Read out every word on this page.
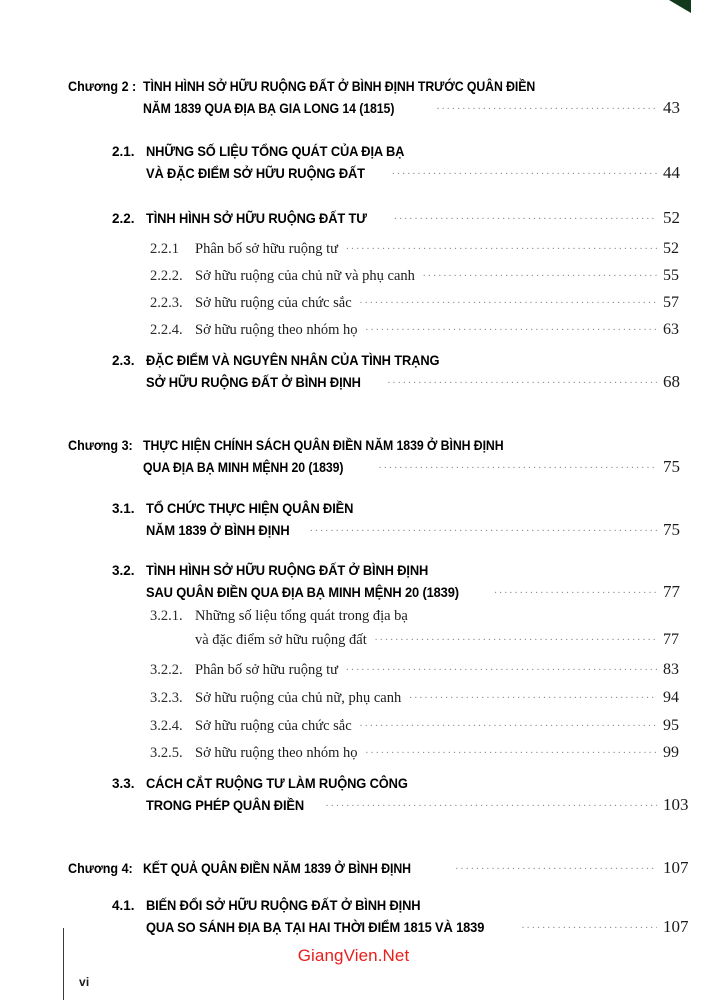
Chương 2 : TÌNH HÌNH SỞ HỮU RUỘNG ĐẤT Ở BÌNH ĐỊNH TRƯỚC QUÂN ĐIỀN
NĂM 1839 QUA ĐỊA BẠ GIA LONG 14 (1815) .....	43
2.1. NHỮNG SỐ LIỆU TỔNG QUÁT CỦA ĐỊA BẠ
VÀ ĐẶC ĐIỂM SỞ HỮU RUỘNG ĐẤT .....	44
2.2. TÌNH HÌNH SỞ HỮU RUỘNG ĐẤT TƯ .....	52
2.2.1	Phân bố sở hữu ruộng tư .....	52
2.2.2. Sở hữu ruộng của chủ nữ và phụ canh .....	55
2.2.3. Sở hữu ruộng của chức sắc .....	57
2.2.4. Sở hữu ruộng theo nhóm họ .....	63
2.3. ĐẶC ĐIỂM VÀ NGUYÊN NHÂN CỦA TÌNH TRẠNG
SỞ HỮU RUỘNG ĐẤT Ở BÌNH ĐỊNH .....	68
Chương 3: THỰC HIỆN CHÍNH SÁCH QUÂN ĐIỀN NĂM 1839 Ở BÌNH ĐỊNH
QUA ĐỊA BẠ MINH MỆNH 20 (1839) .....	75
3.1. TỔ CHỨC THỰC HIỆN QUÂN ĐIỀN
NĂM 1839 Ở BÌNH ĐỊNH .....	75
3.2. TÌNH HÌNH SỞ HỮU RUỘNG ĐẤT Ở BÌNH ĐỊNH
SAU QUÂN ĐIỀN QUA ĐỊA BẠ MINH MỆNH 20 (1839) .....	77
3.2.1. Những số liệu tổng quát trong địa bạ
và đặc điểm sở hữu ruộng đất .....	77
3.2.2. Phân bố sở hữu ruộng tư .....	83
3.2.3. Sở hữu ruộng của chủ nữ, phụ canh .....	94
3.2.4. Sở hữu ruộng của chức sắc .....	95
3.2.5. Sở hữu ruộng theo nhóm họ .....	99
3.3. CÁCH CẮT RUỘNG TƯ LÀM RUỘNG CÔNG
TRONG PHÉP QUÂN ĐIỀN .....	103
Chương 4: KẾT QUẢ QUÂN ĐIỀN NĂM 1839 Ở BÌNH ĐỊNH .....	107
4.1. BIẾN ĐỔI SỞ HỮU RUỘNG ĐẤT Ở BÌNH ĐỊNH
QUA SO SÁNH ĐỊA BẠ TẠI HAI THỜI ĐIỂM 1815 VÀ 1839 .....	107
vi
GiangVien.Net
